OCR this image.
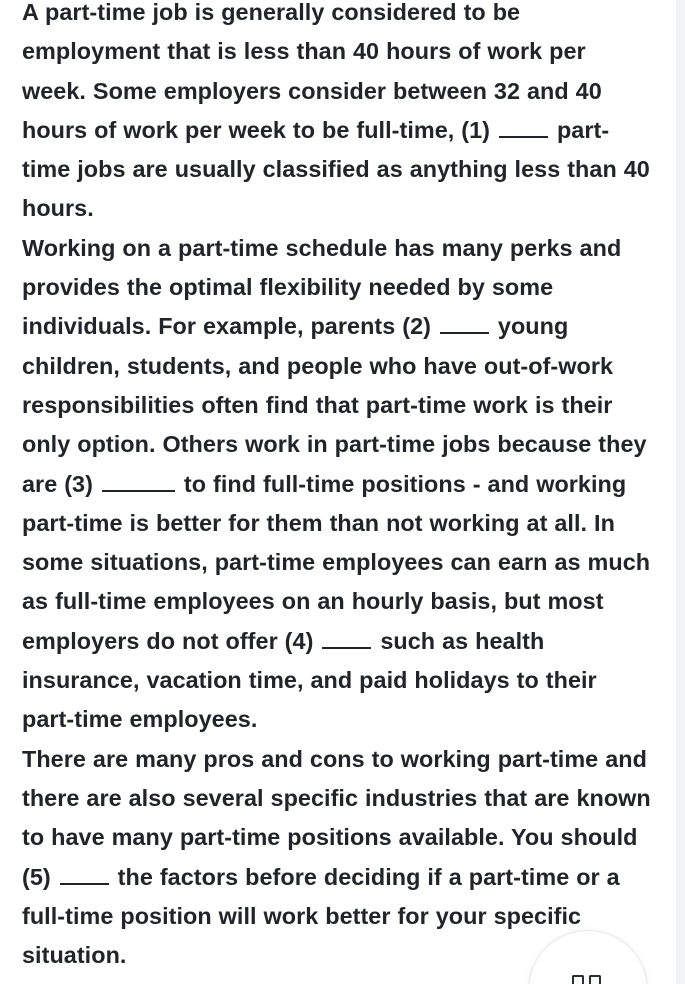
A part-time job is generally considered to be employment that is less than 40 hours of work per week. Some employers consider between 32 and 40 hours of work per week to be full-time, (1)	part-time jobs are usually classified as anything less than 40 hours.

Working on a part-time schedule has many perks and provides the optimal flexibility needed by some individuals. For example, parents (2)	young children, students, and people who have out-of-work responsibilities often find that part-time work is their only option. Others work in part-time jobs because they are (3)	to find full-time positions - and working part-time is better for them than not working at all. In some situations, part-time employees can earn as much as full-time employees on an hourly basis, but most employers do not offer (4)	such as health insurance, vacation time, and paid holidays to their part-time employees.

There are many pros and cons to working part-time and there are also several specific industries that are known to have many part-time positions available. You should (5)	the factors before deciding if a part-time or a full-time position will work better for your specific situation.
